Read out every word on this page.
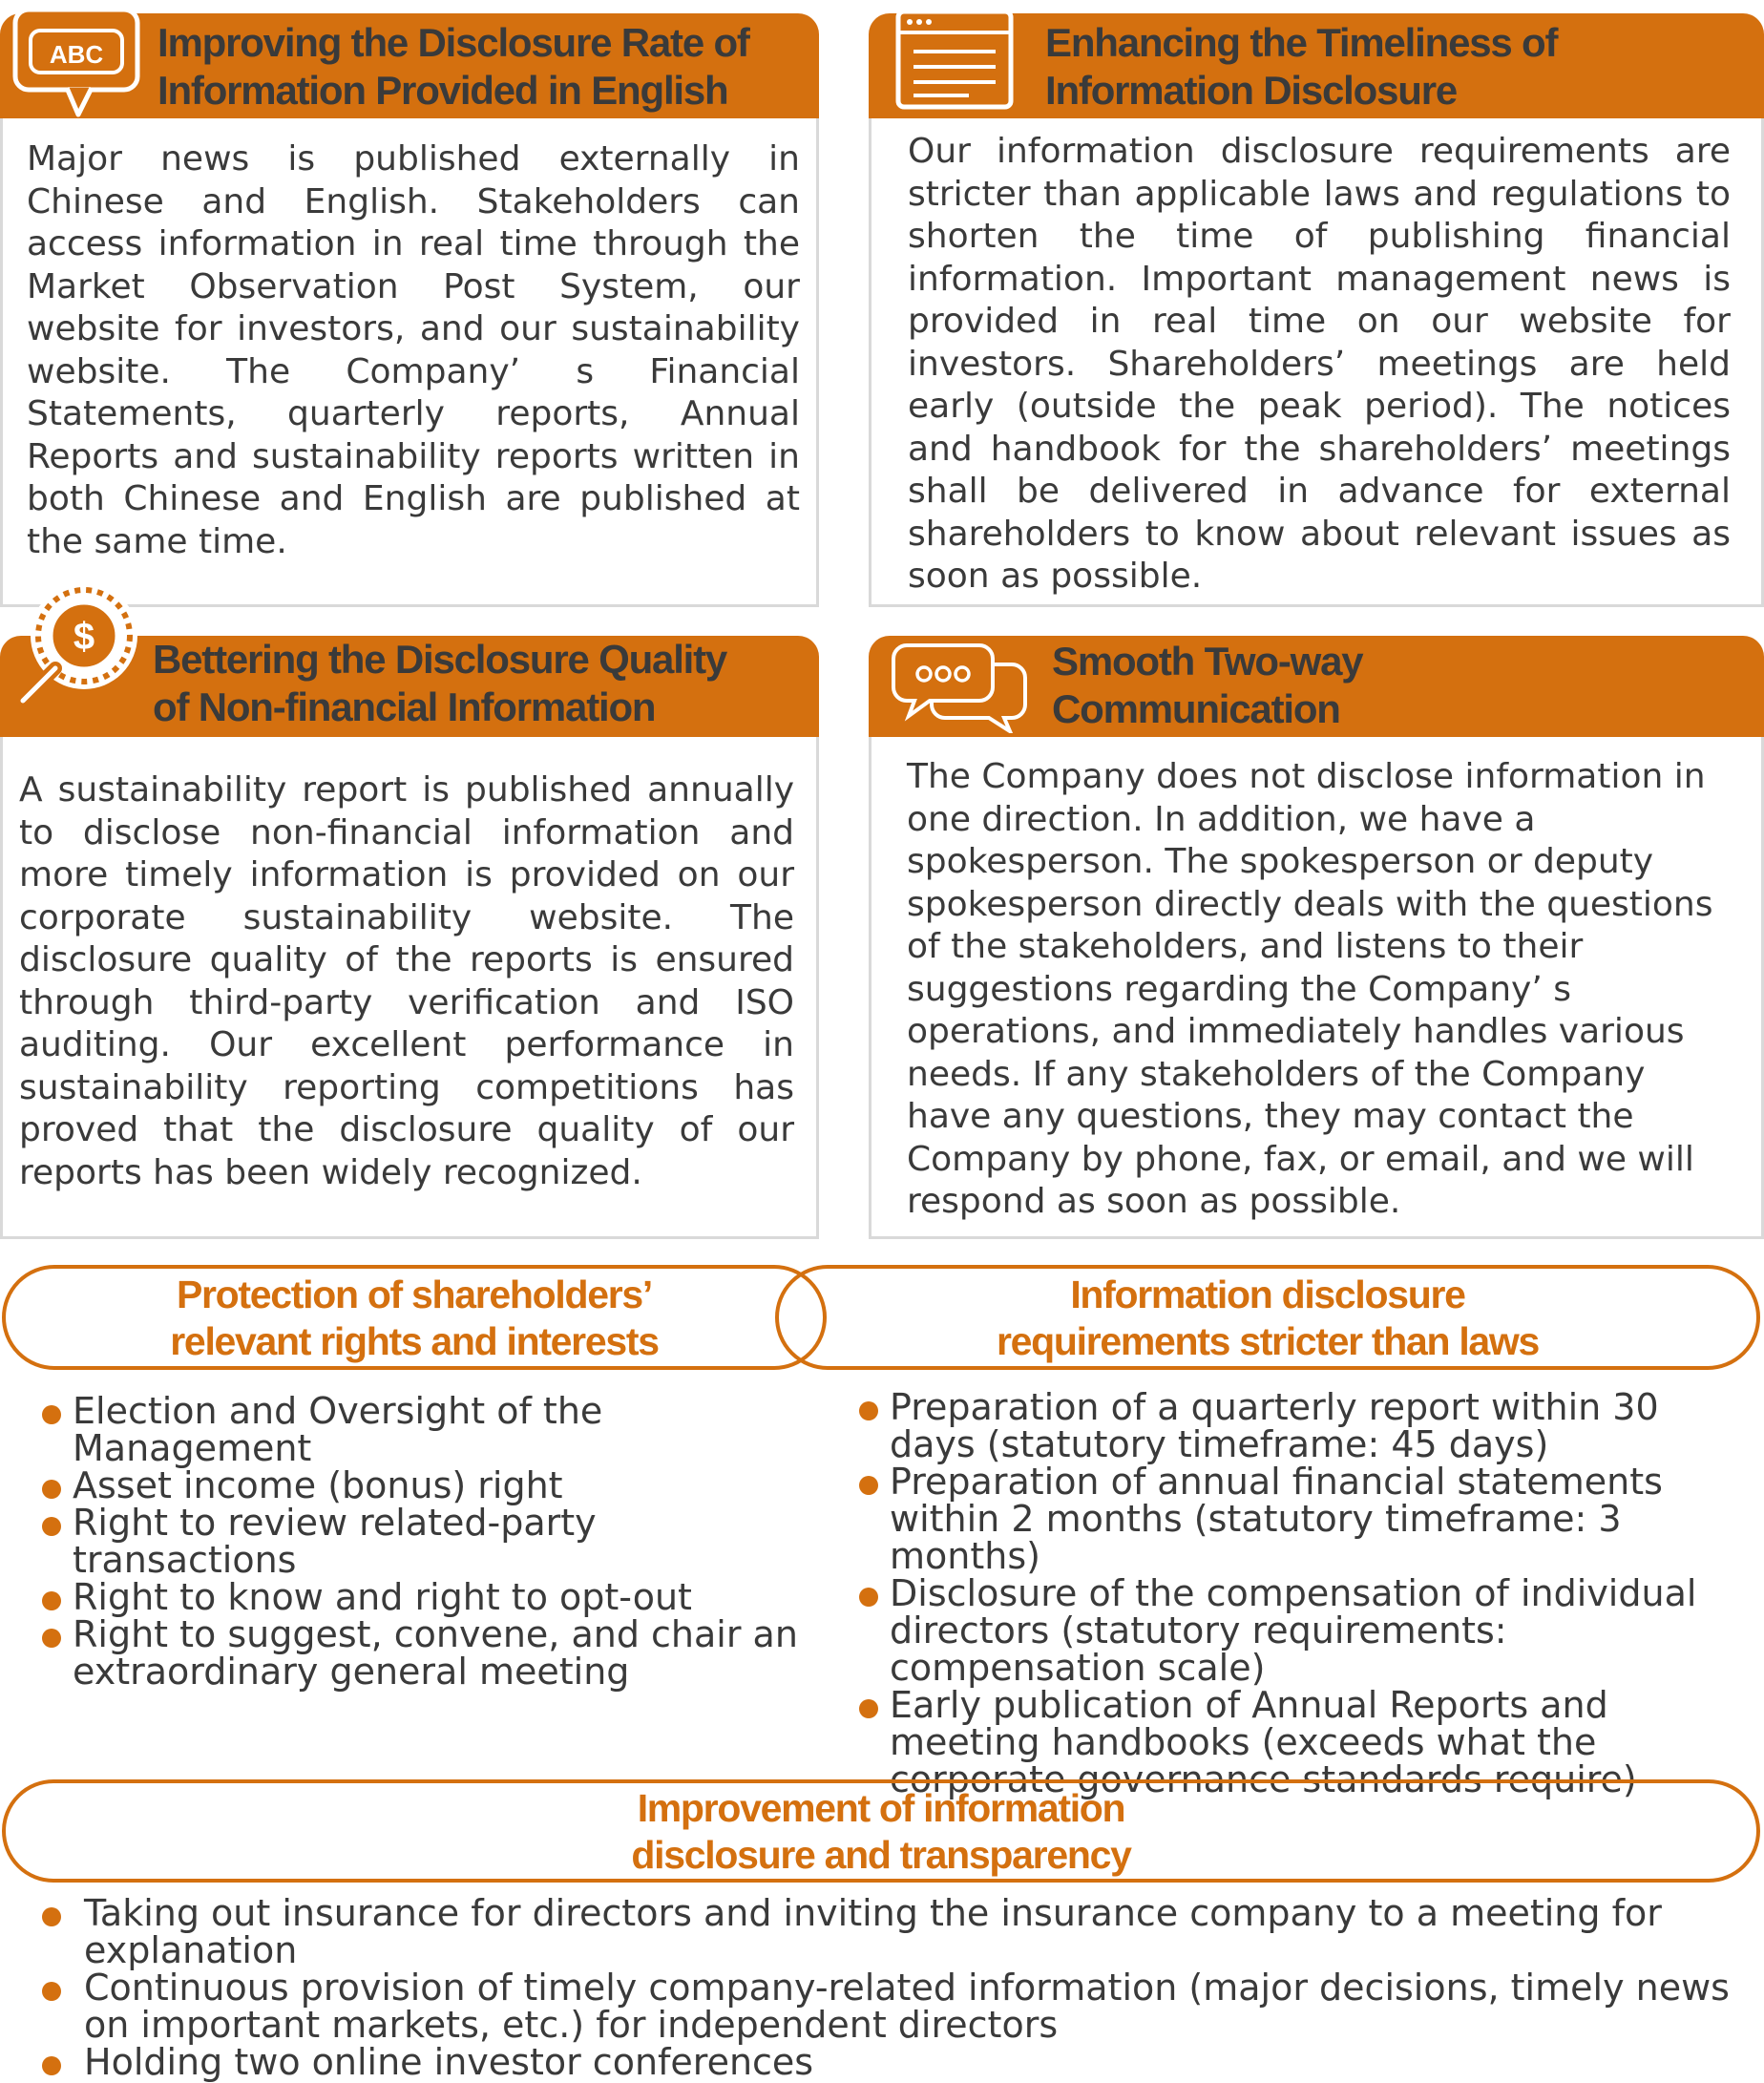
Improving the Disclosure Rate of
Information Provided in English
Major news is published externally in Chinese and English. Stakeholders can access information in real time through the Market Observation Post System, our website for investors, and our sustainability website. The Company’ s Financial Statements, quarterly reports, Annual Reports and sustainability reports written in both Chinese and English are published at the same time.
ABC	Enhancing the Timeliness of
Information Disclosure
Our information disclosure requirements are stricter than applicable laws and regulations to shorten the time of publishing financial information. Important management news is provided in real time on our website for investors. Shareholders’ meetings are held early (outside the peak period). The notices and handbook for the shareholders’ meetings shall be delivered in advance for external shareholders to know about relevant issues as soon as possible.
Bettering the Disclosure Quality
of Non-financial Information
A sustainability report is published annually to disclose non-financial information and more timely information is provided on our corporate sustainability website. The disclosure quality of the reports is ensured through third-party verification and ISO auditing. Our excellent performance in sustainability reporting competitions has proved that the disclosure quality of our reports has been widely recognized.
$
Smooth Two-way
Communication
The Company does not disclose information in one direction. In addition, we have a spokesperson. The spokesperson or deputy spokesperson directly deals with the questions of the stakeholders, and listens to their suggestions regarding the Company’ s operations, and immediately handles various needs. If any stakeholders of the Company have any questions, they may contact the Company by phone, fax, or email, and we will respond as soon as possible.
Protection of shareholders’
relevant rights and interests
Election and Oversight of the Management
Asset income (bonus) right
Right to review related-party transactions
Right to know and right to opt-out
Right to suggest, convene, and chair an extraordinary general meeting
Information disclosure
requirements stricter than laws
Preparation of a quarterly report within 30 days (statutory timeframe: 45 days)
Preparation of annual financial statements within 2 months (statutory timeframe: 3 months)
Disclosure of the compensation of individual directors (statutory requirements: compensation scale)
Early publication of Annual Reports and meeting handbooks (exceeds what the corporate governance standards require)
Improvement of information
disclosure and transparency
Taking out insurance for directors and inviting the insurance company to a meeting for explanation
Continuous provision of timely company-related information (major decisions, timely news on important markets, etc.) for independent directors
Holding two online investor conferences
